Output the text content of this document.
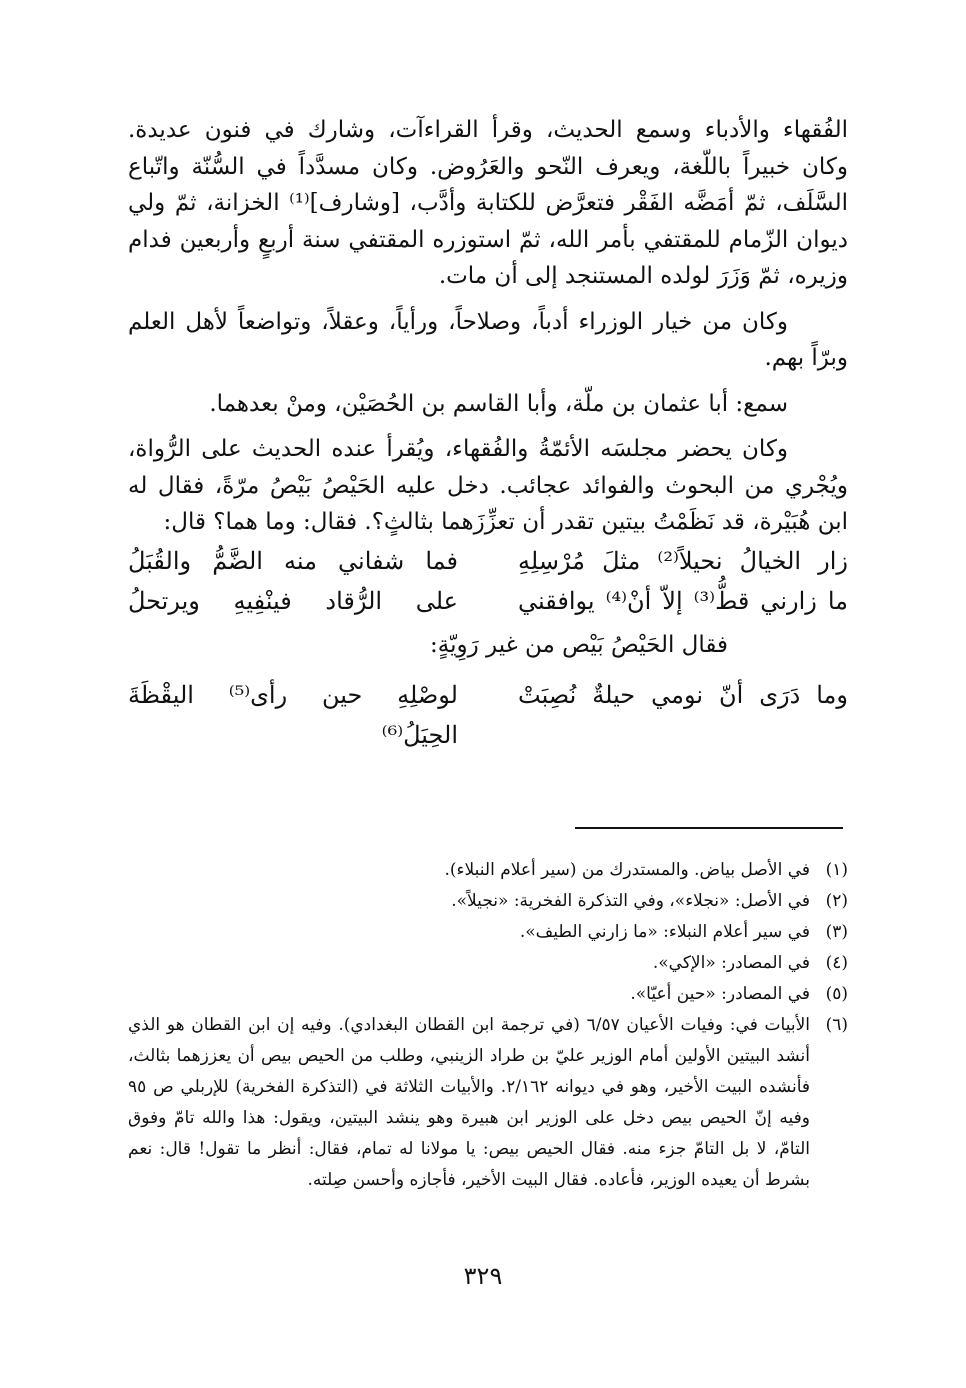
الفُقهاء والأدباء وسمع الحديث، وقرأ القراءآت، وشارك في فنون عديدة. وكان خبيراً باللّغة، ويعرف النّحو والعَرُوض. وكان مسدَّداً في السُّنّة واتّباع السَّلَف، ثمّ أمَضَّه الفَقْر فتعرَّض للكتابة وأدَّب، [وشارف]⁽¹⁾ الخزانة، ثمّ ولي ديوان الزّمام للمقتفي بأمر الله، ثمّ استوزره المقتفي سنة أربعٍ وأربعين فدام وزيره، ثمّ وَزَرَ لولده المستنجد إلى أن مات.

وكان من خيار الوزراء أدباً، وصلاحاً، ورأياً، وعقلاً، وتواضعاً لأهل العلم وبرّاً بهم.

سمع: أبا عثمان بن ملّة، وأبا القاسم بن الحُصَيْن، ومنْ بعدهما.

وكان يحضر مجلسَه الأئمّةُ والفُقهاء، ويُقرأ عنده الحديث على الرُّواة، ويُجْري من البحوث والفوائد عجائب. دخل عليه الحَيْصُ بَيْصُ مرّةً، فقال له ابن هُبَيْرة، قد نَظَمْتُ بيتين تقدر أن تعزِّزَهما بثالثٍ؟. فقال: وما هما؟ قال:

زار الخيالُ نحيلاً⁽²⁾ مثلَ مُرْسِلِهِ
فما شفاني منه الضَّمُّ والقُبَلُ
ما زارني قطُّ⁽³⁾ إلاّ أنْ⁽⁴⁾ يوافقني
على الرُّقاد فينْفِيهِ ويرتحلُ

فقال الحَيْصُ بَيْص من غير رَوِيّةٍ:

وما دَرَى أنّ نومي حيلةٌ نُصِبَتْ
لوصْلِهِ حين رأى⁽⁵⁾ اليقْظَةَ الحِيَلُ⁽⁶⁾
(١)
في الأصل بياض. والمستدرك من (سير أعلام النبلاء).
(٢)
في الأصل: «نجلاء»، وفي التذكرة الفخرية: «نجيلاً».
(٣)
في سير أعلام النبلاء: «ما زارني الطيف».
(٤)
في المصادر: «الإكي».
(٥)
في المصادر: «حين أعيّا».
(٦)
الأبيات في: وفيات الأعيان ٦/٥٧ (في ترجمة ابن القطان البغدادي). وفيه إن ابن القطان هو الذي أنشد البيتين الأولين أمام الوزير عليّ بن طراد الزينبي، وطلب من الحيص بيص أن يعززهما بثالث، فأنشده البيت الأخير، وهو في ديوانه ٢/١٦٢. والأبيات الثلاثة في (التذكرة الفخرية) للإربلي ص ٩٥ وفيه إنّ الحيص بيص دخل على الوزير ابن هبيرة وهو ينشد البيتين، ويقول: هذا والله تامّ وفوق التامّ، لا بل التامّ جزء منه. فقال الحيص بيص: يا مولانا له تمام، فقال: أنظر ما تقول! قال: نعم بشرط أن يعيده الوزير، فأعاده. فقال البيت الأخير، فأجازه وأحسن صِلته.
٣٢٩
